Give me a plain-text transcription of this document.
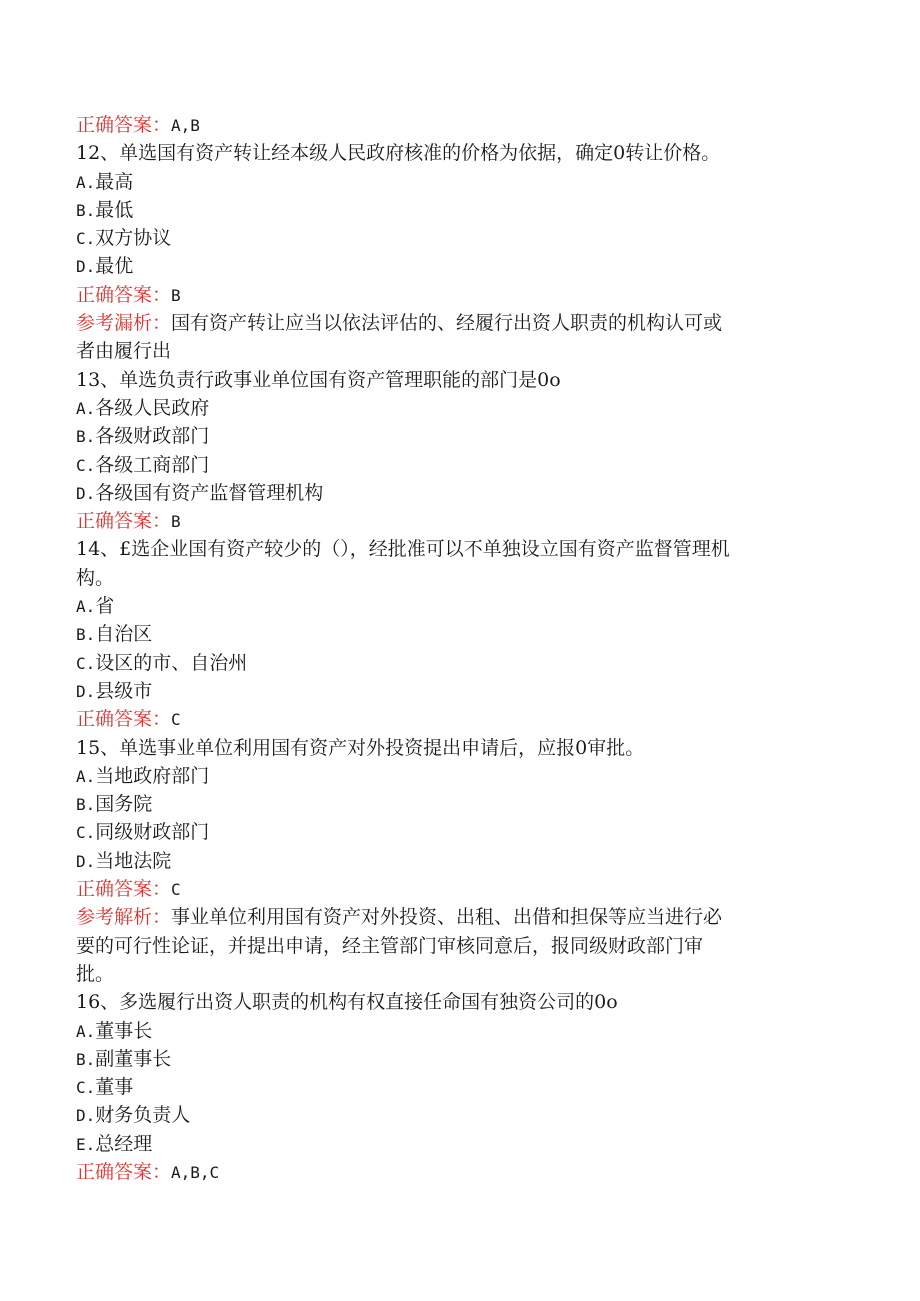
正确答案：A,B
12、单选国有资产转让经本级人民政府核准的价格为依据，确定0转让价格。
A.最高
B.最低
C.双方协议
D.最优
正确答案：B
参考漏析：国有资产转让应当以依法评估的、经履行出资人职责的机构认可或
者由履行出
13、单选负责行政事业单位国有资产管理职能的部门是0o
A.各级人民政府
B.各级财政部门
C.各级工商部门
D.各级国有资产监督管理机构
正确答案：B
14、£选企业国有资产较少的（），经批准可以不单独设立国有资产监督管理机
构。
A.省
B.自治区
C.设区的市、自治州
D.县级市
正确答案：C
15、单选事业单位利用国有资产对外投资提出申请后，应报0审批。
A.当地政府部门
B.国务院
C.同级财政部门
D.当地法院
正确答案：C
参考解析：事业单位利用国有资产对外投资、出租、出借和担保等应当进行必
要的可行性论证，并提出申请，经主管部门审核同意后，报同级财政部门审
批。
16、多选履行出资人职责的机构有权直接任命国有独资公司的0o
A.董事长
B.副董事长
C.董事
D.财务负责人
E.总经理
正确答案：A,B,C
